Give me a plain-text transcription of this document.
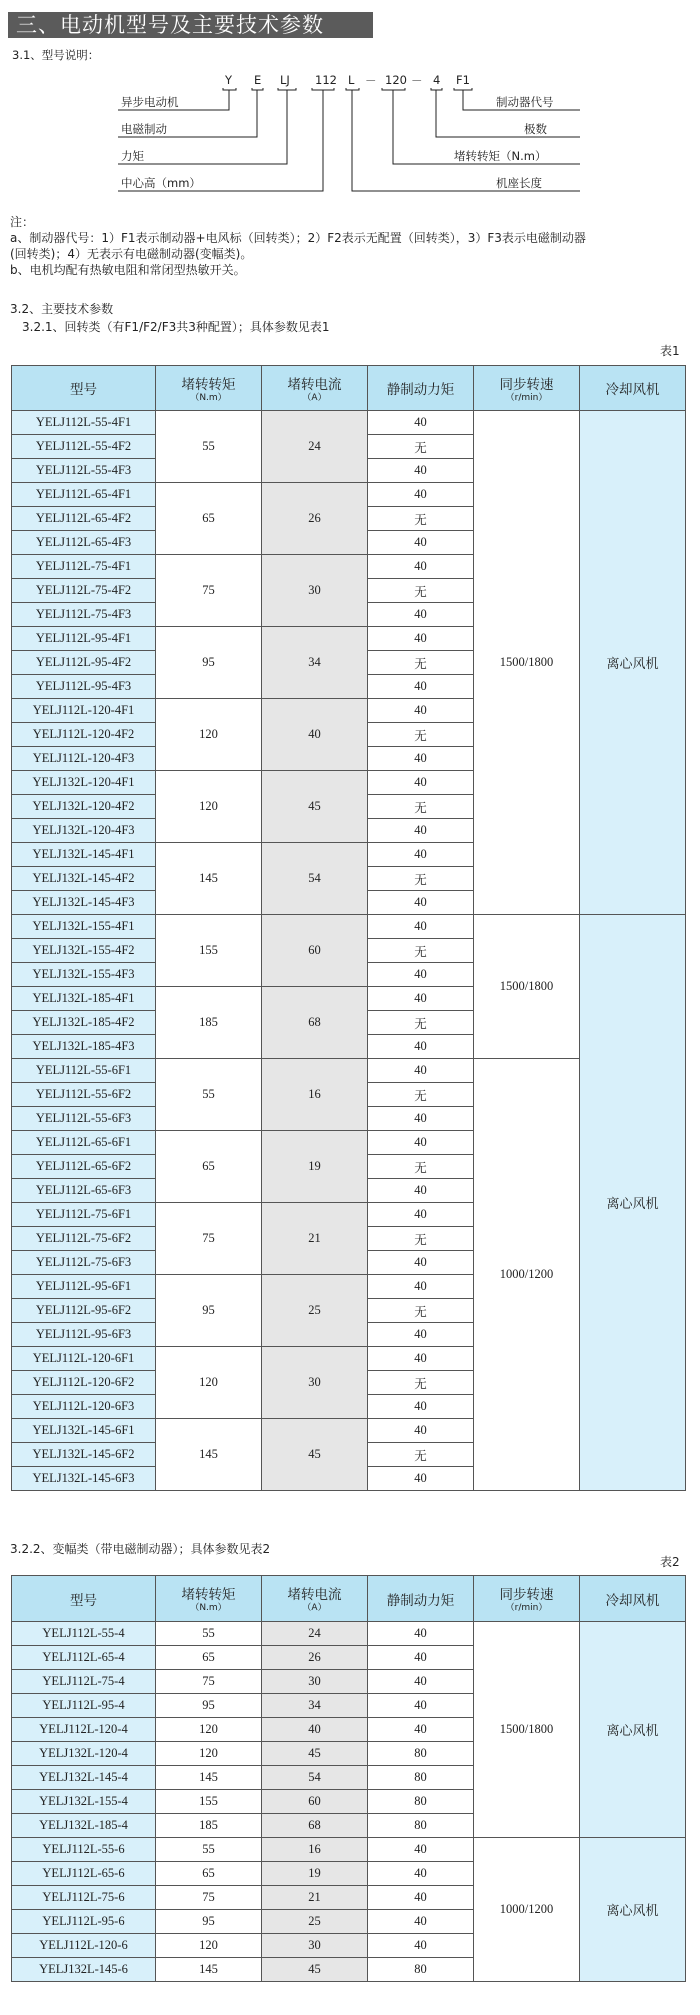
三、电动机型号及主要技术参数
3.1、型号说明：
Y E LJ 112 L － 120 － 4 F1
异步电动机
电磁制动
力矩
中心高（mm）
制动器代号
极数
堵转转矩（N.m）
机座长度
注：
a、制动器代号：1）F1表示制动器+电风标（回转类）；2）F2表示无配置（回转类），3）F3表示电磁制动器
(回转类)；4）无表示有电磁制动器(变幅类)。
b、电机均配有热敏电阻和常闭型热敏开关。
3.2、主要技术参数
3.2.1、回转类（有F1/F2/F3共3种配置）；具体参数见表1
表1
型号	堵转转矩
（N.m）	堵转电流
（A）	静制动力矩	同步转速
（r/min）	冷却风机
YELJ112L-55-4F1	55	24	40	1500/1800	离心风机
YELJ112L-55-4F2			无		
YELJ112L-55-4F3			40		
YELJ112L-65-4F1	65	26	40		
YELJ112L-65-4F2			无		
YELJ112L-65-4F3			40		
YELJ112L-75-4F1	75	30	40		
YELJ112L-75-4F2			无		
YELJ112L-75-4F3			40		
YELJ112L-95-4F1	95	34	40		
YELJ112L-95-4F2			无		
YELJ112L-95-4F3			40		
YELJ112L-120-4F1	120	40	40		
YELJ112L-120-4F2			无		
YELJ112L-120-4F3			40		
YELJ132L-120-4F1	120	45	40		
YELJ132L-120-4F2			无		
YELJ132L-120-4F3			40		
YELJ132L-145-4F1	145	54	40		
YELJ132L-145-4F2			无		
YELJ132L-145-4F3			40		
YELJ132L-155-4F1	155	60	40	1500/1800	离心风机
YELJ132L-155-4F2			无		
YELJ132L-155-4F3			40		
YELJ132L-185-4F1	185	68	40		
YELJ132L-185-4F2			无		
YELJ132L-185-4F3			40		
YELJ112L-55-6F1	55	16	40	1000/1200	
YELJ112L-55-6F2			无		
YELJ112L-55-6F3			40		
YELJ112L-65-6F1	65	19	40		
YELJ112L-65-6F2			无		
YELJ112L-65-6F3			40		
YELJ112L-75-6F1	75	21	40		
YELJ112L-75-6F2			无		
YELJ112L-75-6F3			40		
YELJ112L-95-6F1	95	25	40		
YELJ112L-95-6F2			无		
YELJ112L-95-6F3			40		
YELJ112L-120-6F1	120	30	40		
YELJ112L-120-6F2			无		
YELJ112L-120-6F3			40		
YELJ132L-145-6F1	145	45	40		
YELJ132L-145-6F2			无		
YELJ132L-145-6F3			40		
3.2.2、变幅类（带电磁制动器）；具体参数见表2
表2
型号	堵转转矩
（N.m）	堵转电流
（A）	静制动力矩	同步转速
（r/min）	冷却风机
YELJ112L-55-4	55	24	40	1500/1800	离心风机
YELJ112L-65-4	65	26	40		
YELJ112L-75-4	75	30	40		
YELJ112L-95-4	95	34	40		
YELJ112L-120-4	120	40	40		
YELJ132L-120-4	120	45	80		
YELJ132L-145-4	145	54	80		
YELJ132L-155-4	155	60	80		
YELJ132L-185-4	185	68	80		
YELJ112L-55-6	55	16	40	1000/1200	离心风机
YELJ112L-65-6	65	19	40		
YELJ112L-75-6	75	21	40		
YELJ112L-95-6	95	25	40		
YELJ112L-120-6	120	30	40		
YELJ132L-145-6	145	45	80		
